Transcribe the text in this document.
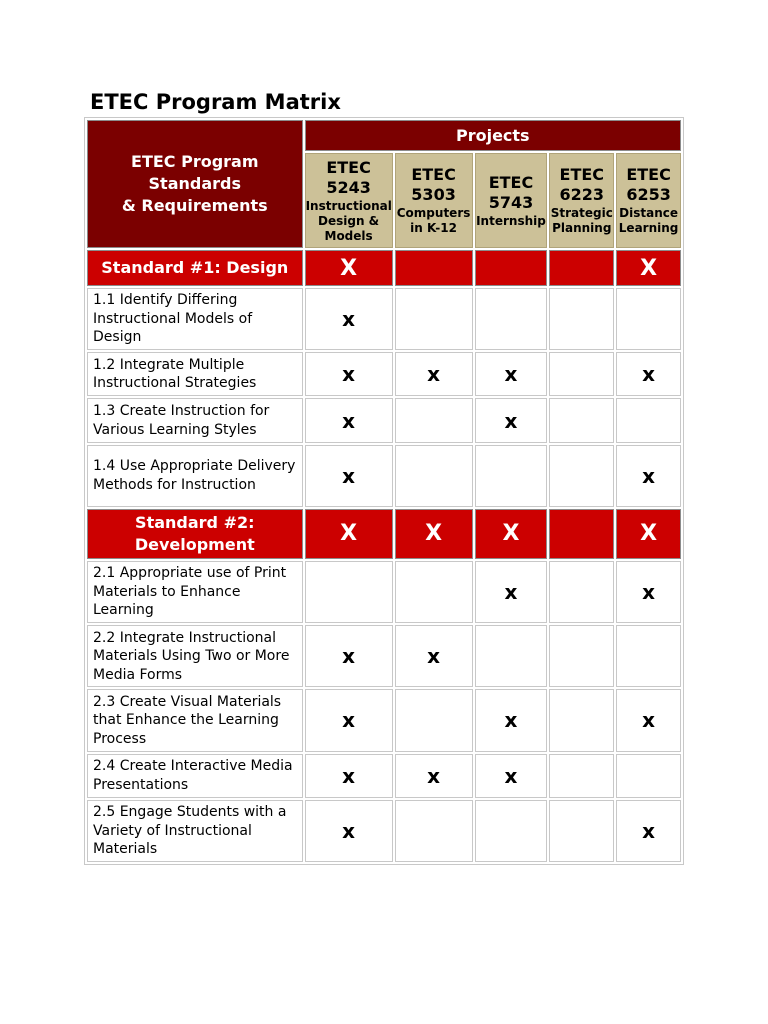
ETEC Program Matrix
ETEC Program
Standards
& Requirements	Projects				

	ETEC
5243
Instructional
Design &
Models	ETEC
5303
Computers
in K-12	ETEC
5743
Internship	ETEC
6223
Strategic
Planning	ETEC
6253
Distance
Learning

Standard #1: Design	X				X
1.1 Identify Differing Instructional Models of Design	x				
1.2 Integrate Multiple Instructional Strategies	x	x	x		x
1.3 Create Instruction for Various Learning Styles	x		x		
1.4 Use Appropriate Delivery Methods for Instruction	x				x
Standard #2: Development	X	X	X		X
2.1 Appropriate use of Print Materials to Enhance Learning			x		x
2.2 Integrate Instructional Materials Using Two or More Media Forms	x	x			
2.3 Create Visual Materials that Enhance the Learning Process	x		x		x
2.4 Create Interactive Media Presentations	x	x	x		
2.5 Engage Students with a Variety of Instructional Materials	x				x
